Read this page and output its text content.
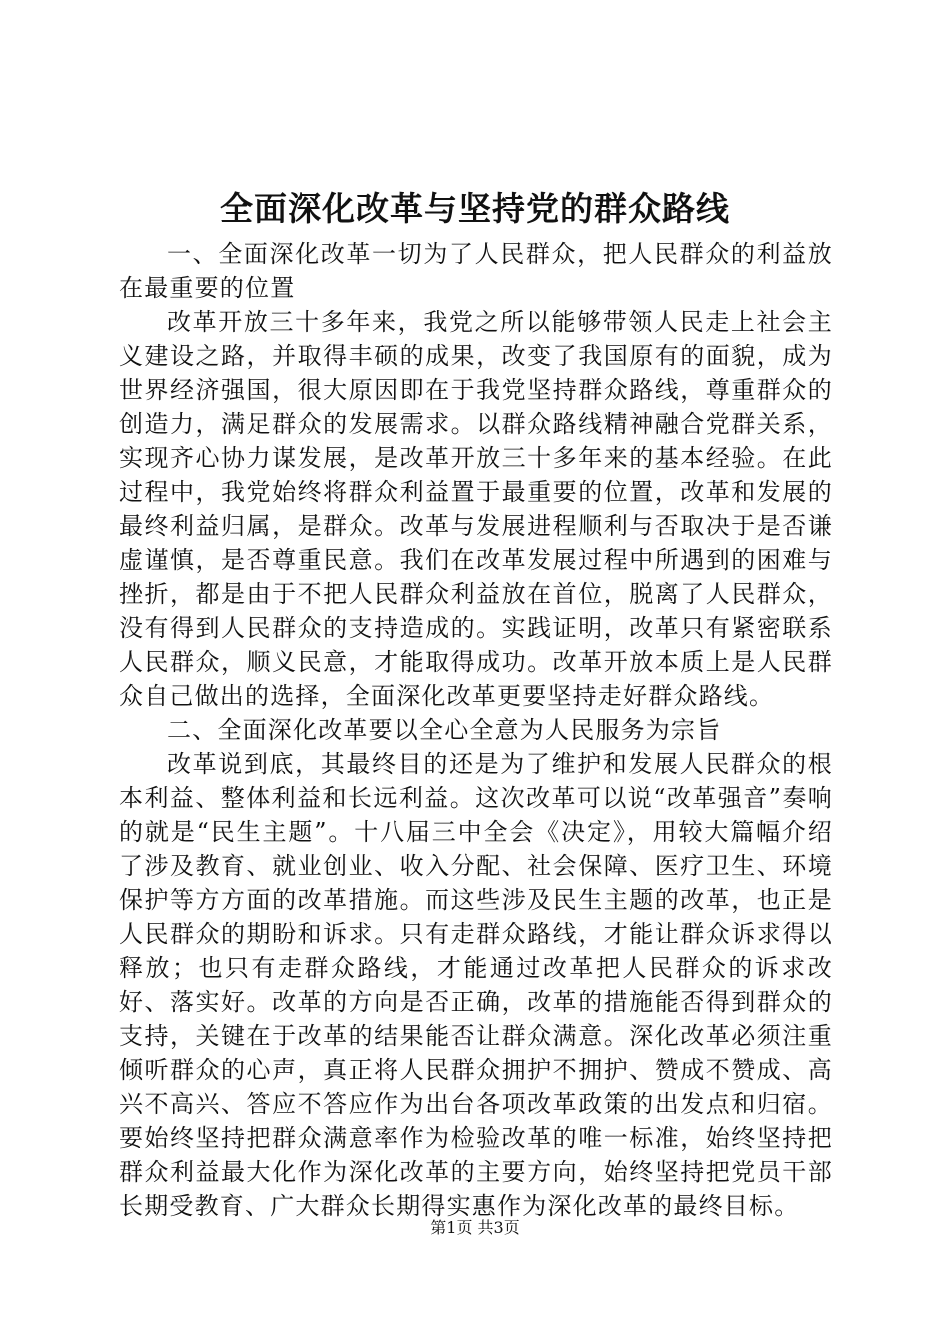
全面深化改革与坚持党的群众路线

一、全面深化改革一切为了人民群众，把人民群众的利益放在最重要的位置

改革开放三十多年来，我党之所以能够带领人民走上社会主义建设之路，并取得丰硕的成果，改变了我国原有的面貌，成为世界经济强国，很大原因即在于我党坚持群众路线，尊重群众的创造力，满足群众的发展需求。以群众路线精神融合党群关系，实现齐心协力谋发展，是改革开放三十多年来的基本经验。在此过程中，我党始终将群众利益置于最重要的位置，改革和发展的最终利益归属，是群众。改革与发展进程顺利与否取决于是否谦虚谨慎，是否尊重民意。我们在改革发展过程中所遇到的困难与挫折，都是由于不把人民群众利益放在首位，脱离了人民群众，没有得到人民群众的支持造成的。实践证明，改革只有紧密联系人民群众，顺义民意，才能取得成功。改革开放本质上是人民群众自己做出的选择，全面深化改革更要坚持走好群众路线。

二、全面深化改革要以全心全意为人民服务为宗旨

改革说到底，其最终目的还是为了维护和发展人民群众的根本利益、整体利益和长远利益。这次改革可以说“改革强音”奏响的就是“民生主题”。十八届三中全会《决定》，用较大篇幅介绍了涉及教育、就业创业、收入分配、社会保障、医疗卫生、环境保护等方方面的改革措施。而这些涉及民生主题的改革，也正是人民群众的期盼和诉求。只有走群众路线，才能让群众诉求得以释放；也只有走群众路线，才能通过改革把人民群众的诉求改好、落实好。改革的方向是否正确，改革的措施能否得到群众的支持，关键在于改革的结果能否让群众满意。深化改革必须注重倾听群众的心声，真正将人民群众拥护不拥护、赞成不赞成、高兴不高兴、答应不答应作为出台各项改革政策的出发点和归宿。要始终坚持把群众满意率作为检验改革的唯一标准，始终坚持把群众利益最大化作为深化改革的主要方向，始终坚持把党员干部长期受教育、广大群众长期得实惠作为深化改革的最终目标。

第1页 共3页
